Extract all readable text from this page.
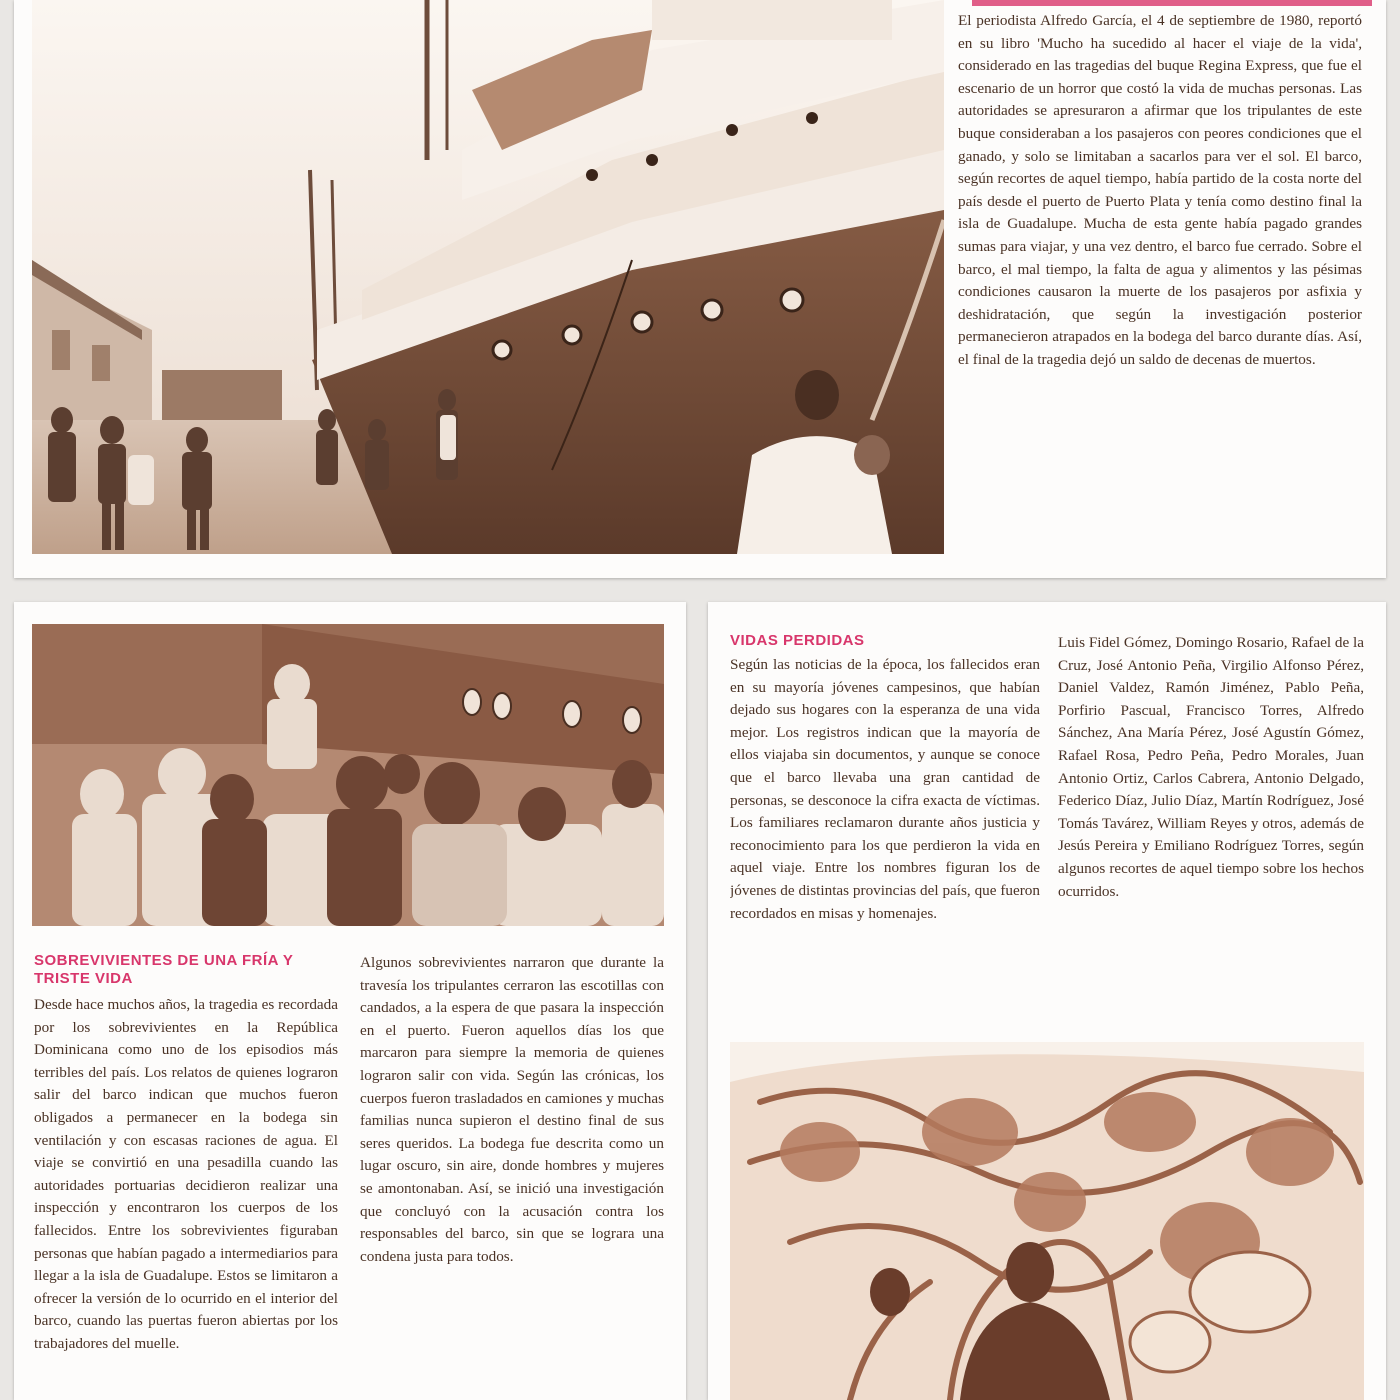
El periodista Alfredo García, el 4 de septiembre de 1980, reportó en su libro 'Mucho ha sucedido al hacer el viaje de la vida', considerado en las tragedias del buque Regina Express, que fue el escenario de un horror que costó la vida de muchas personas. Las autoridades se apresuraron a afirmar que los tripulantes de este buque consideraban a los pasajeros con peores condiciones que el ganado, y solo se limitaban a sacarlos para ver el sol. El barco, según recortes de aquel tiempo, había partido de la costa norte del país desde el puerto de Puerto Plata y tenía como destino final la isla de Guadalupe. Mucha de esta gente había pagado grandes sumas para viajar, y una vez dentro, el barco fue cerrado. Sobre el barco, el mal tiempo, la falta de agua y alimentos y las pésimas condiciones causaron la muerte de los pasajeros por asfixia y deshidratación, que según la investigación posterior permanecieron atrapados en la bodega del barco durante días. Así, el final de la tragedia dejó un saldo de decenas de muertos.
SOBREVIVIENTES DE UNA FRÍA Y TRISTE VIDA
Desde hace muchos años, la tragedia es recordada por los sobrevivientes en la República Dominicana como uno de los episodios más terribles del país. Los relatos de quienes lograron salir del barco indican que muchos fueron obligados a permanecer en la bodega sin ventilación y con escasas raciones de agua. El viaje se convirtió en una pesadilla cuando las autoridades portuarias decidieron realizar una inspección y encontraron los cuerpos de los fallecidos. Entre los sobrevivientes figuraban personas que habían pagado a intermediarios para llegar a la isla de Guadalupe. Estos se limitaron a ofrecer la versión de lo ocurrido en el interior del barco, cuando las puertas fueron abiertas por los trabajadores del muelle.
Algunos sobrevivientes narraron que durante la travesía los tripulantes cerraron las escotillas con candados, a la espera de que pasara la inspección en el puerto. Fueron aquellos días los que marcaron para siempre la memoria de quienes lograron salir con vida. Según las crónicas, los cuerpos fueron trasladados en camiones y muchas familias nunca supieron el destino final de sus seres queridos. La bodega fue descrita como un lugar oscuro, sin aire, donde hombres y mujeres se amontonaban. Así, se inició una investigación que concluyó con la acusación contra los responsables del barco, sin que se lograra una condena justa para todos.
VIDAS PERDIDAS
Según las noticias de la época, los fallecidos eran en su mayoría jóvenes campesinos, que habían dejado sus hogares con la esperanza de una vida mejor. Los registros indican que la mayoría de ellos viajaba sin documentos, y aunque se conoce que el barco llevaba una gran cantidad de personas, se desconoce la cifra exacta de víctimas. Los familiares reclamaron durante años justicia y reconocimiento para los que perdieron la vida en aquel viaje. Entre los nombres figuran los de jóvenes de distintas provincias del país, que fueron recordados en misas y homenajes.
Luis Fidel Gómez, Domingo Rosario, Rafael de la Cruz, José Antonio Peña, Virgilio Alfonso Pérez, Daniel Valdez, Ramón Jiménez, Pablo Peña, Porfirio Pascual, Francisco Torres, Alfredo Sánchez, Ana María Pérez, José Agustín Gómez, Rafael Rosa, Pedro Peña, Pedro Morales, Juan Antonio Ortiz, Carlos Cabrera, Antonio Delgado, Federico Díaz, Julio Díaz, Martín Rodríguez, José Tomás Tavárez, William Reyes y otros, además de Jesús Pereira y Emiliano Rodríguez Torres, según algunos recortes de aquel tiempo sobre los hechos ocurridos.
